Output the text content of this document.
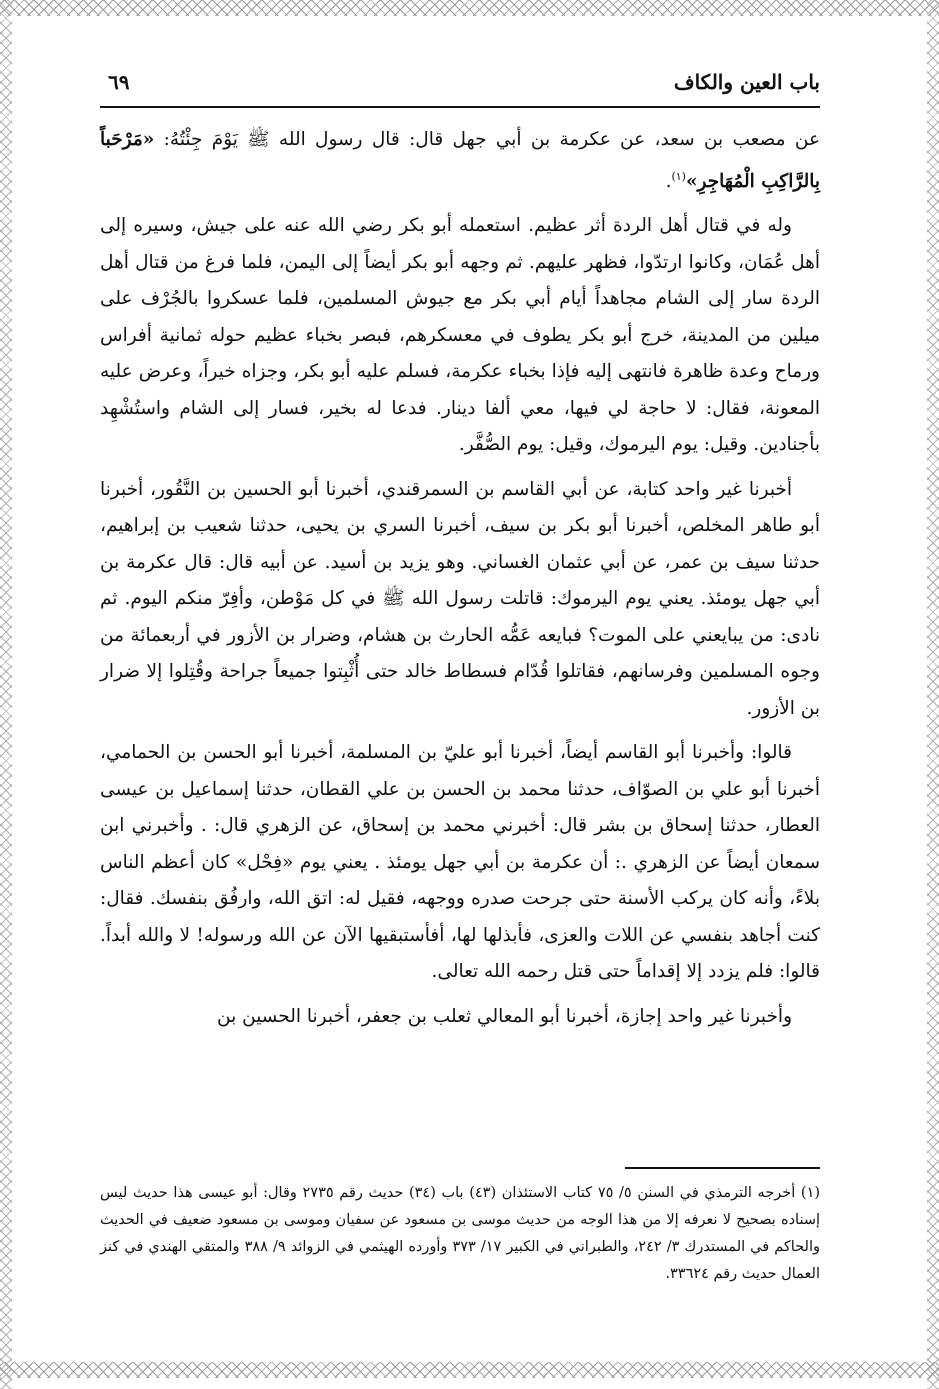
باب العين والكاف
٦٩

عن مصعب بن سعد، عن عكرمة بن أبي جهل قال: قال رسول الله ﷺ يَوْمَ جِئْتُهُ: «مَرْحَباً بِالرَّاكِبِ الْمُهَاجِرِ»$^{(١)}$.

وله في قتال أهل الردة أثر عظيم. استعمله أبو بكر رضي الله عنه على جيش، وسيره إلى أهل عُمَان، وكانوا ارتدّوا، فظهر عليهم. ثم وجهه أبو بكر أيضاً إلى اليمن، فلما فرغ من قتال أهل الردة سار إلى الشام مجاهداً أيام أبي بكر مع جيوش المسلمين، فلما عسكروا بالجُرْف على ميلين من المدينة، خرج أبو بكر يطوف في معسكرهم، فبصر بخباء عظيم حوله ثمانية أفراس ورماح وعدة ظاهرة فانتهى إليه فإذا بخباء عكرمة، فسلم عليه أبو بكر، وجزاه خيراً، وعرض عليه المعونة، فقال: لا حاجة لي فيها، معي ألفا دينار. فدعا له بخير، فسار إلى الشام واستُشْهِد بأجنادين. وقيل: يوم اليرموك، وقيل: يوم الصُّفَّر.

أخبرنا غير واحد كتابة، عن أبي القاسم بن السمرقندي، أخبرنا أبو الحسين بن النَّقُور، أخبرنا أبو طاهر المخلص، أخبرنا أبو بكر بن سيف، أخبرنا السري بن يحيى، حدثنا شعيب بن إبراهيم، حدثنا سيف بن عمر، عن أبي عثمان الغساني. وهو يزيد بن أسيد. عن أبيه قال: قال عكرمة بن أبي جهل يومئذ. يعني يوم اليرموك: قاتلت رسول الله ﷺ في كل مَوْطن، وأفِرّ منكم اليوم. ثم نادى: من يبايعني على الموت؟ فبايعه عَمُّه الحارث بن هشام، وضرار بن الأزور في أربعمائة من وجوه المسلمين وفرسانهم، فقاتلوا قُدّام فسطاط خالد حتى أُثْبِتوا جميعاً جراحة وقُتِلوا إلا ضرار بن الأزور.

قالوا: وأخبرنا أبو القاسم أيضاً، أخبرنا أبو عليّ بن المسلمة، أخبرنا أبو الحسن بن الحمامي، أخبرنا أبو علي بن الصوّاف، حدثنا محمد بن الحسن بن علي القطان، حدثنا إسماعيل بن عيسى العطار، حدثنا إسحاق بن بشر قال: أخبرني محمد بن إسحاق، عن الزهري قال: . وأخبرني ابن سمعان أيضاً عن الزهري .: أن عكرمة بن أبي جهل يومئذ . يعني يوم «فِحْل» كان أعظم الناس بلاءً، وأنه كان يركب الأسنة حتى جرحت صدره ووجهه، فقيل له: اتق الله، وارفُق بنفسك. فقال: كنت أجاهد بنفسي عن اللات والعزى، فأبذلها لها، أفأستبقيها الآن عن الله ورسوله! لا والله أبداً. قالوا: فلم يزدد إلا إقداماً حتى قتل رحمه الله تعالى.

وأخبرنا غير واحد إجازة، أخبرنا أبو المعالي ثعلب بن جعفر، أخبرنا الحسين بن

(١) أخرجه الترمذي في السنن ٥/ ٧٥ كتاب الاستئذان (٤٣) باب (٣٤) حديث رقم ٢٧٣٥ وقال: أبو عيسى هذا حديث ليس إسناده بصحيح لا نعرفه إلا من هذا الوجه من حديث موسى بن مسعود عن سفيان وموسى بن مسعود ضعيف في الحديث والحاكم في المستدرك ٣/ ٢٤٢، والطبراني في الكبير ١٧/ ٣٧٣ وأورده الهيثمي في الزوائد ٩/ ٣٨٨ والمتقي الهندي في كنز العمال حديث رقم ٣٣٦٢٤.
